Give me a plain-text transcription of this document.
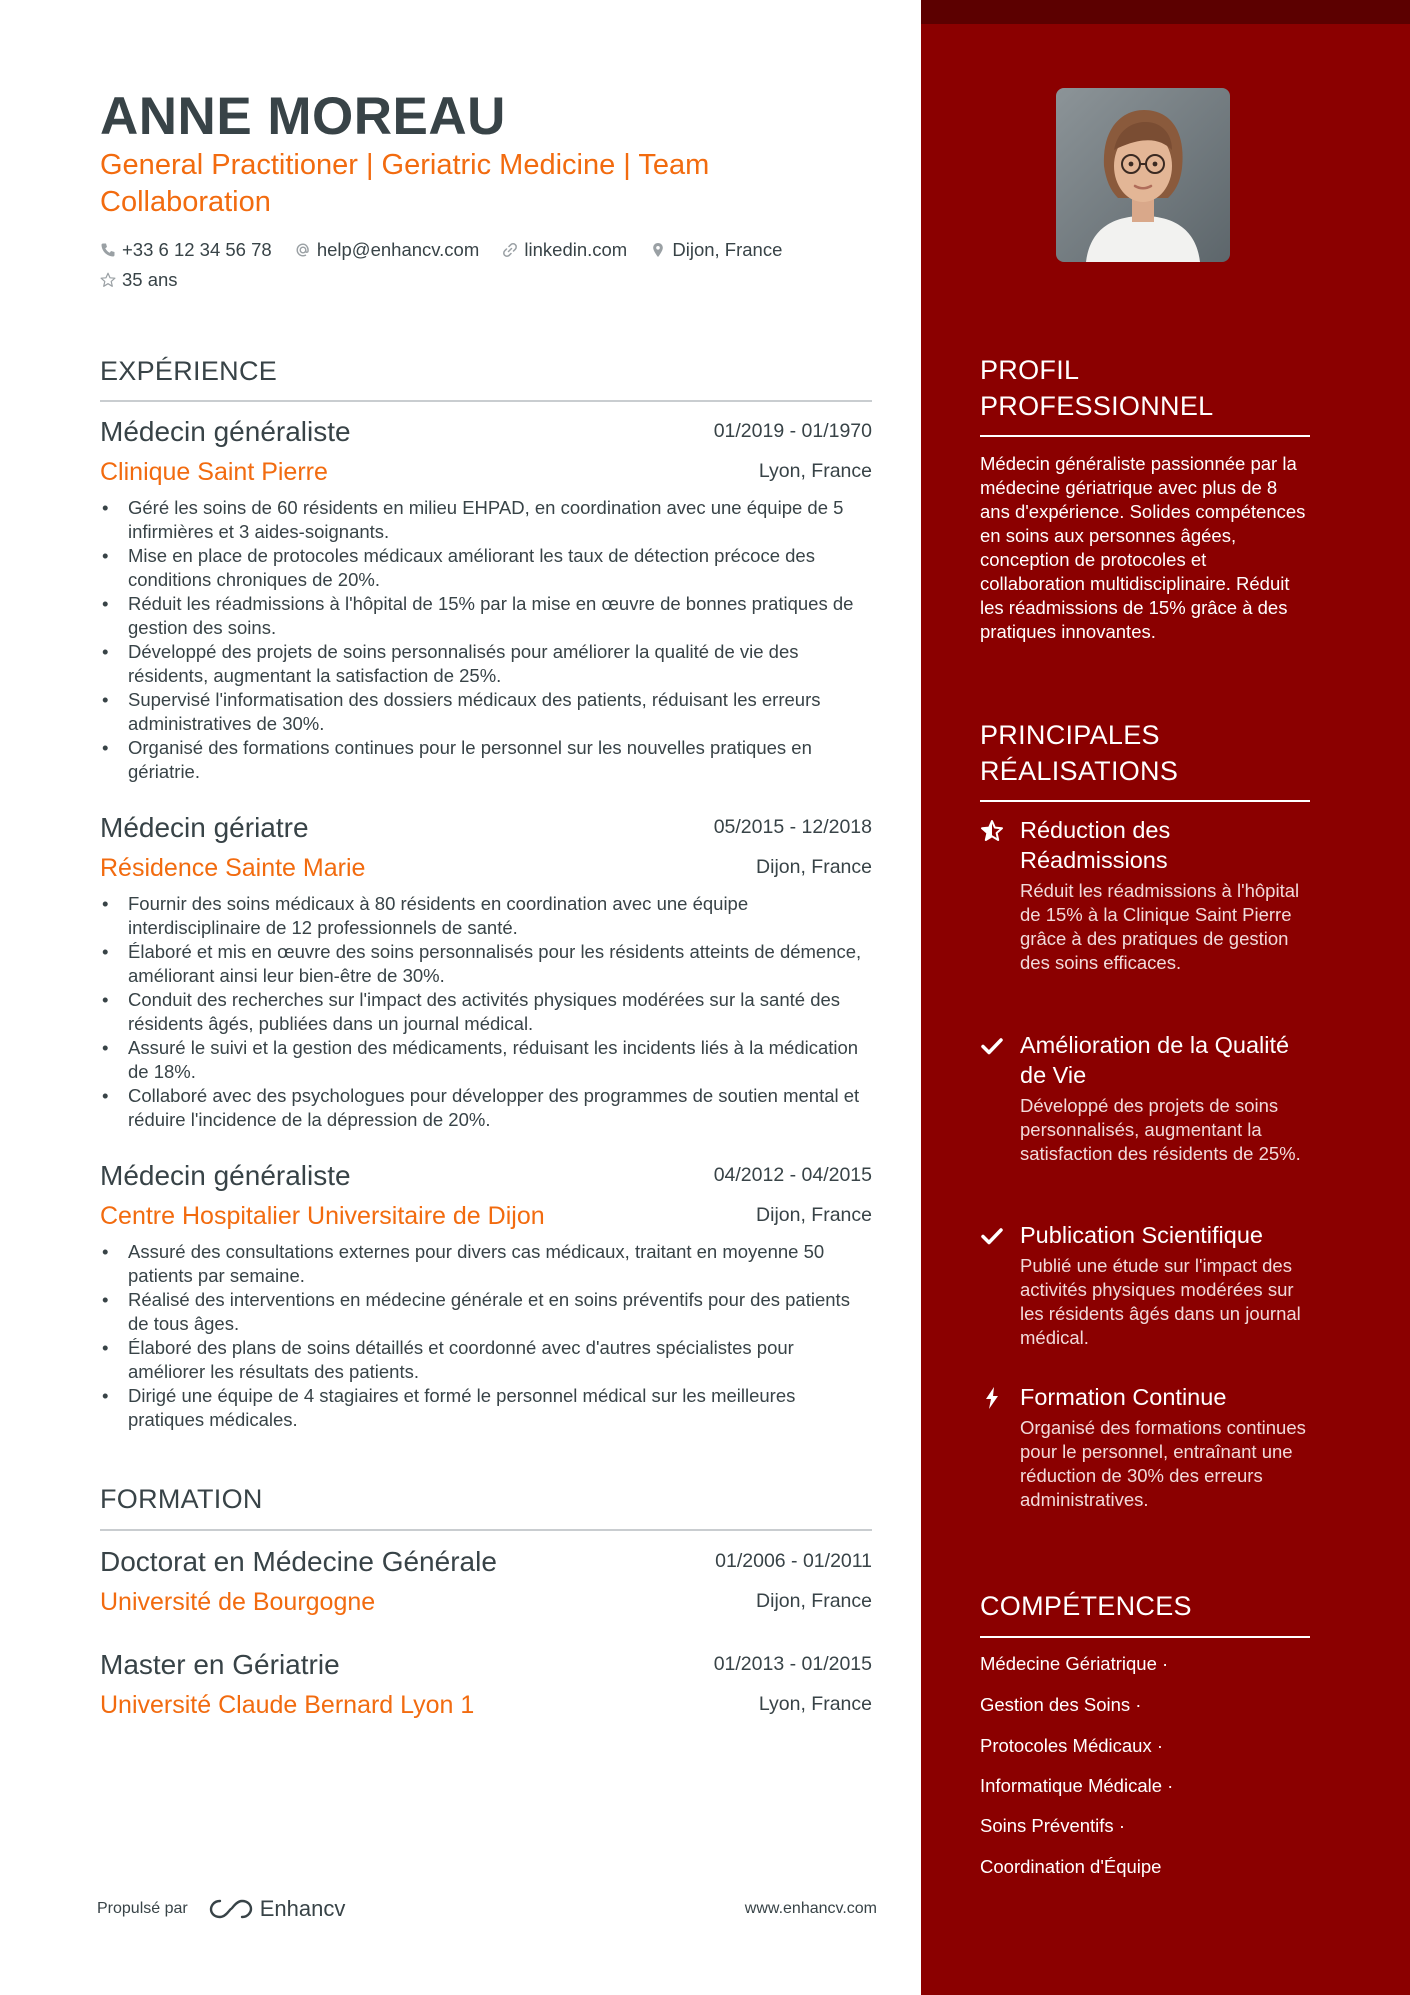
ANNE MOREAU
General Practitioner | Geriatric Medicine | Team Collaboration
+33 6 12 34 56 78
help@enhancv.com
linkedin.com
Dijon, France

35 ans
EXPÉRIENCE
Médecin généraliste	01/2019 - 01/1970
Clinique Saint Pierre	Lyon, France
• Géré les soins de 60 résidents en milieu EHPAD, en coordination avec une équipe de 5 infirmières et 3 aides-soignants.
• Mise en place de protocoles médicaux améliorant les taux de détection précoce des conditions chroniques de 20%.
• Réduit les réadmissions à l'hôpital de 15% par la mise en œuvre de bonnes pratiques de gestion des soins.
• Développé des projets de soins personnalisés pour améliorer la qualité de vie des résidents, augmentant la satisfaction de 25%.
• Supervisé l'informatisation des dossiers médicaux des patients, réduisant les erreurs administratives de 30%.
• Organisé des formations continues pour le personnel sur les nouvelles pratiques en gériatrie.
Médecin gériatre	05/2015 - 12/2018
Résidence Sainte Marie	Dijon, France
• Fournir des soins médicaux à 80 résidents en coordination avec une équipe interdisciplinaire de 12 professionnels de santé.
• Élaboré et mis en œuvre des soins personnalisés pour les résidents atteints de démence, améliorant ainsi leur bien-être de 30%.
• Conduit des recherches sur l'impact des activités physiques modérées sur la santé des résidents âgés, publiées dans un journal médical.
• Assuré le suivi et la gestion des médicaments, réduisant les incidents liés à la médication de 18%.
• Collaboré avec des psychologues pour développer des programmes de soutien mental et réduire l'incidence de la dépression de 20%.
Médecin généraliste	04/2012 - 04/2015
Centre Hospitalier Universitaire de Dijon	Dijon, France
• Assuré des consultations externes pour divers cas médicaux, traitant en moyenne 50 patients par semaine.
• Réalisé des interventions en médecine générale et en soins préventifs pour des patients de tous âges.
• Élaboré des plans de soins détaillés et coordonné avec d'autres spécialistes pour améliorer les résultats des patients.
• Dirigé une équipe de 4 stagiaires et formé le personnel médical sur les meilleures pratiques médicales.
FORMATION
Doctorat en Médecine Générale	01/2006 - 01/2011
Université de Bourgogne	Dijon, France
Master en Gériatrie	01/2013 - 01/2015
Université Claude Bernard Lyon 1	Lyon, France
PROFIL PROFESSIONNEL
Médecin généraliste passionnée par la médecine gériatrique avec plus de 8 ans d'expérience. Solides compétences en soins aux personnes âgées, conception de protocoles et collaboration multidisciplinaire. Réduit les réadmissions de 15% grâce à des pratiques innovantes.
PRINCIPALES RÉALISATIONS
Réduction des Réadmissions
Réduit les réadmissions à l'hôpital de 15% à la Clinique Saint Pierre grâce à des pratiques de gestion des soins efficaces.
Amélioration de la Qualité de Vie
Développé des projets de soins personnalisés, augmentant la satisfaction des résidents de 25%.
Publication Scientifique
Publié une étude sur l'impact des activités physiques modérées sur les résidents âgés dans un journal médical.
Formation Continue
Organisé des formations continues pour le personnel, entraînant une réduction de 30% des erreurs administratives.
COMPÉTENCES
Médecine Gériatrique ·
Gestion des Soins ·
Protocoles Médicaux ·
Informatique Médicale ·
Soins Préventifs ·
Coordination d'Équipe
Propulsé par	Enhancv	www.enhancv.com
